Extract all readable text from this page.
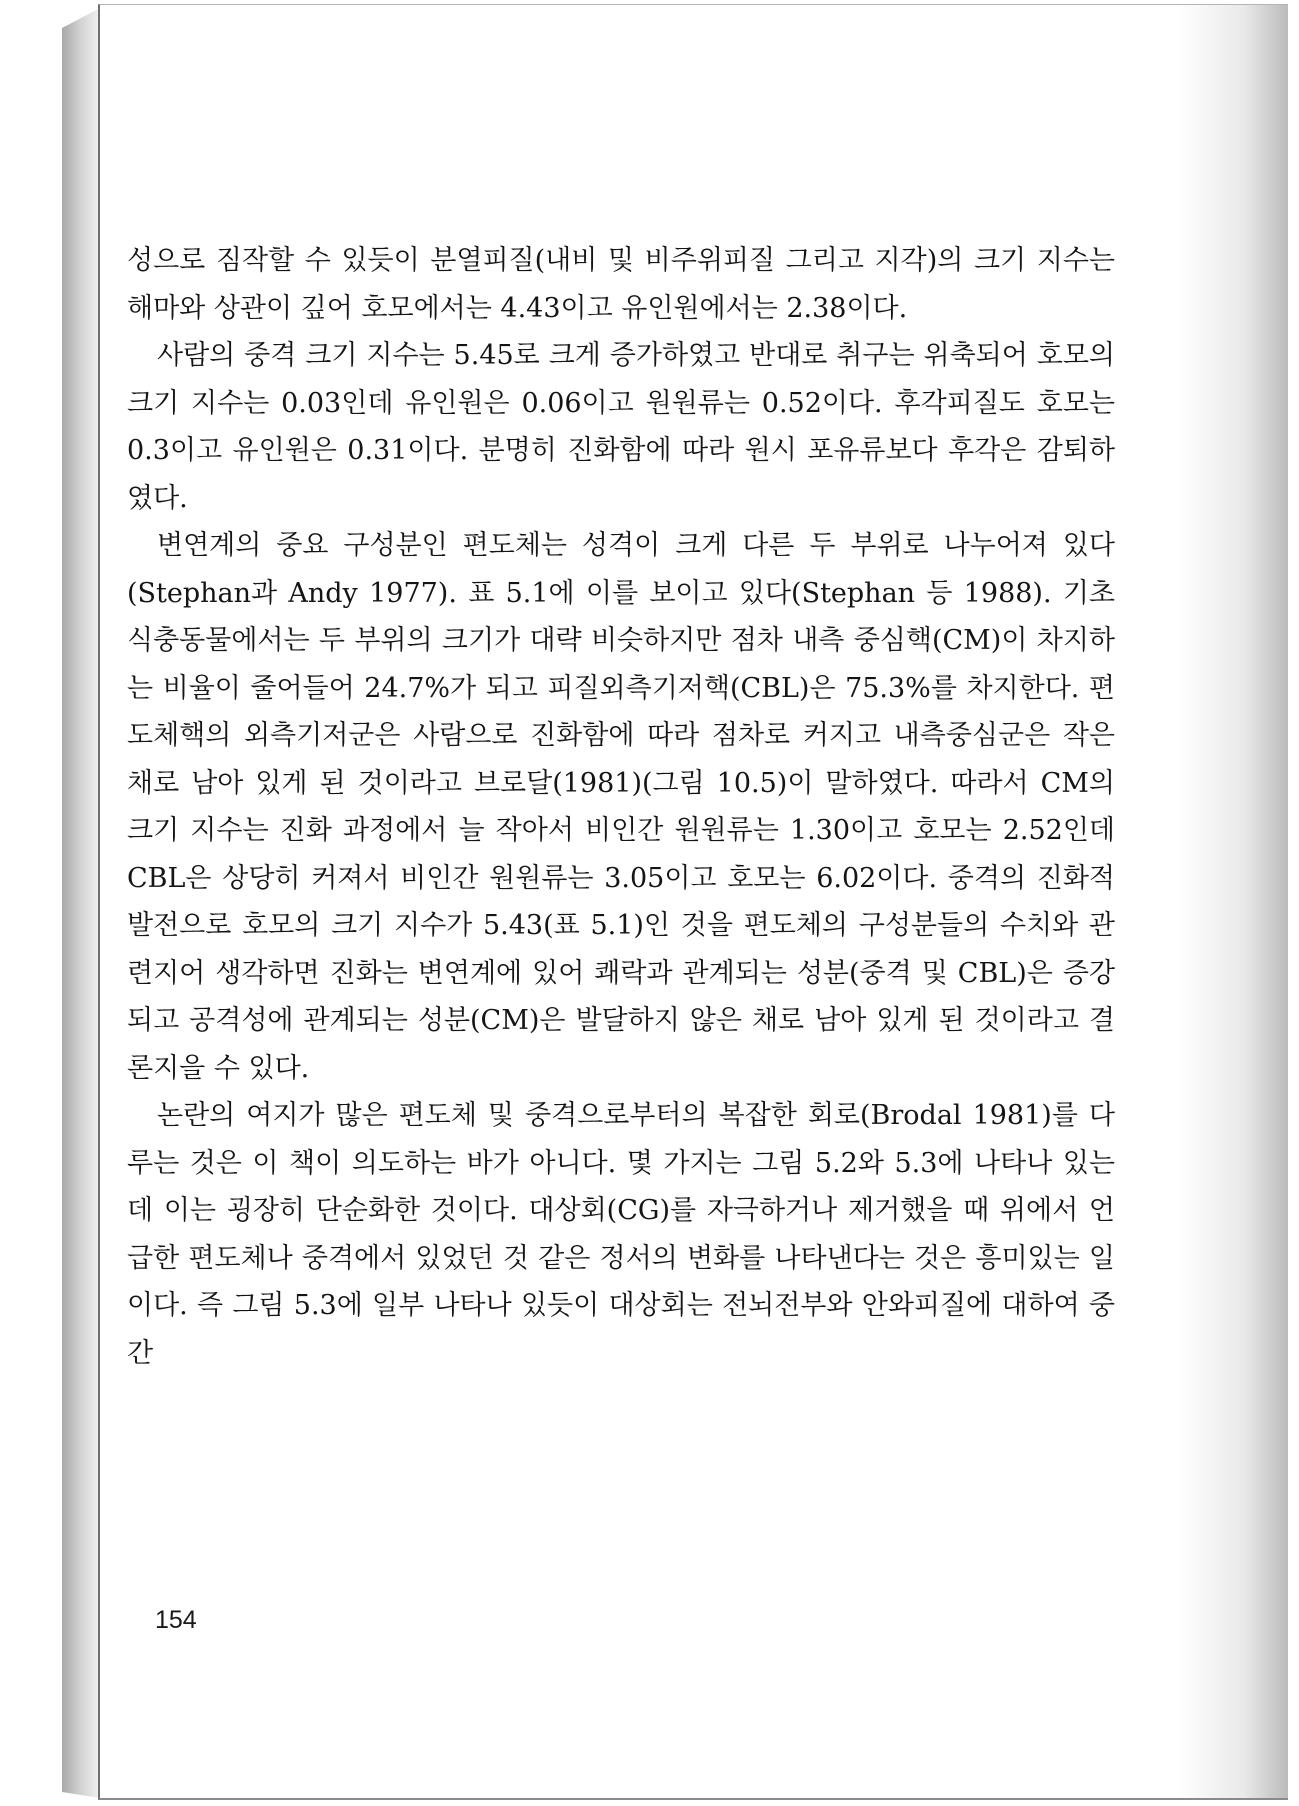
성으로 짐작할 수 있듯이 분열피질(내비 및 비주위피질 그리고 지각)의 크기 지수는 해마와 상관이 깊어 호모에서는 4.43이고 유인원에서는 2.38이다.

사람의 중격 크기 지수는 5.45로 크게 증가하였고 반대로 취구는 위축되어 호모의 크기 지수는 0.03인데 유인원은 0.06이고 원원류는 0.52이다. 후각피질도 호모는 0.3이고 유인원은 0.31이다. 분명히 진화함에 따라 원시 포유류보다 후각은 감퇴하였다.

변연계의 중요 구성분인 편도체는 성격이 크게 다른 두 부위로 나누어져 있다(Stephan과 Andy 1977). 표 5.1에 이를 보이고 있다(Stephan 등 1988). 기초 식충동물에서는 두 부위의 크기가 대략 비슷하지만 점차 내측 중심핵(CM)이 차지하는 비율이 줄어들어 24.7%가 되고 피질외측기저핵(CBL)은 75.3%를 차지한다. 편도체핵의 외측기저군은 사람으로 진화함에 따라 점차로 커지고 내측중심군은 작은 채로 남아 있게 된 것이라고 브로달(1981)(그림 10.5)이 말하였다. 따라서 CM의 크기 지수는 진화 과정에서 늘 작아서 비인간 원원류는 1.30이고 호모는 2.52인데 CBL은 상당히 커져서 비인간 원원류는 3.05이고 호모는 6.02이다. 중격의 진화적 발전으로 호모의 크기 지수가 5.43(표 5.1)인 것을 편도체의 구성분들의 수치와 관련지어 생각하면 진화는 변연계에 있어 쾌락과 관계되는 성분(중격 및 CBL)은 증강되고 공격성에 관계되는 성분(CM)은 발달하지 않은 채로 남아 있게 된 것이라고 결론지을 수 있다.

논란의 여지가 많은 편도체 및 중격으로부터의 복잡한 회로(Brodal 1981)를 다루는 것은 이 책이 의도하는 바가 아니다. 몇 가지는 그림 5.2와 5.3에 나타나 있는데 이는 굉장히 단순화한 것이다. 대상회(CG)를 자극하거나 제거했을 때 위에서 언급한 편도체나 중격에서 있었던 것 같은 정서의 변화를 나타낸다는 것은 흥미있는 일이다. 즉 그림 5.3에 일부 나타나 있듯이 대상회는 전뇌전부와 안와피질에 대하여 중간

154
